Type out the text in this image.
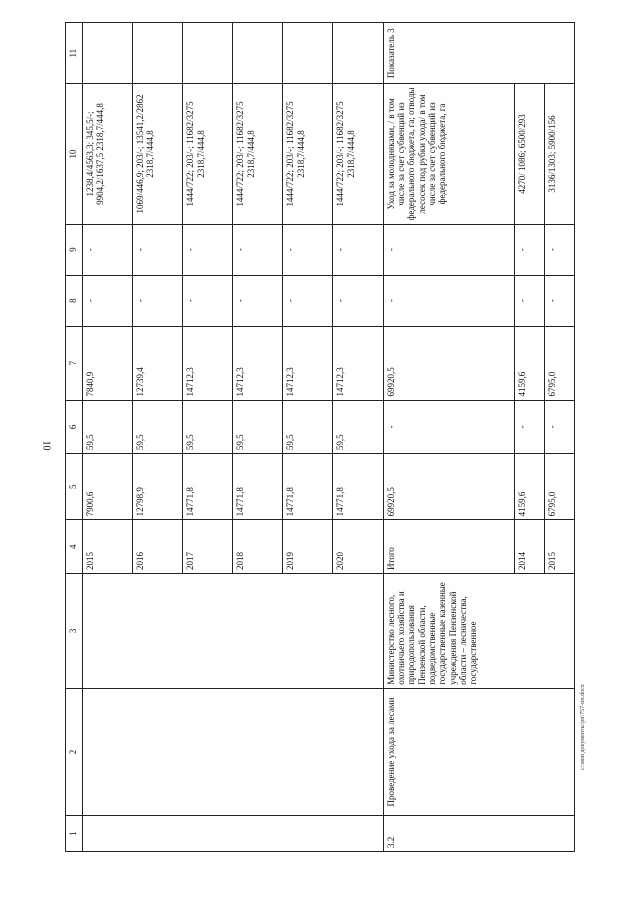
10
1	2	3	4	5	6	7	8	9	10	11
			2015	7900,6	59,5	7840,9	-	-	1238,4/4563,3; 345,5/-; 9904,2/1637,5 2318,7/444,8	
			2016	12798,9	59,5	12739,4	-	-	1069/446,9; 203/-; 13541,2/2862 2318,7/444,8	
			2017	14771,8	59,5	14712,3	-	-	1444/722; 203/-; 11682/3275 2318,7/444,8	
			2018	14771,8	59,5	14712,3	-	-	1444/722; 203/-; 11682/3275 2318,7/444,8	
			2019	14771,8	59,5	14712,3	-	-	1444/722; 203/-; 11682/3275 2318,7/444,8	
			2020	14771,8	59,5	14712,3	-	-	1444/722; 203/-; 11682/3275 2318,7/444,8	
3.2	Проведение ухода за лесами	Министерство лесного, охотничьего хозяйства и природопользования Пензенской области, подведомственные государственные казенные учреждения Пензенской области – лесничества, государственное	Итого	69920,5	-	69920,5	-	-	Уход за молодняками, / в том числе за счет субвенций из федерального бюджета, га; отводы лесосек под рубки ухода/ в том числе за счет субвенций из федерального бюджета, га	Показатель 3
			2014	4159,6	-	4159,6	-	-	4270/ 1086; 6500/293	
			2015	6795,0	-	6795,0	-	-	3136/1303; 5900/156	
c:\мои документы\рп\757-пп.docx
